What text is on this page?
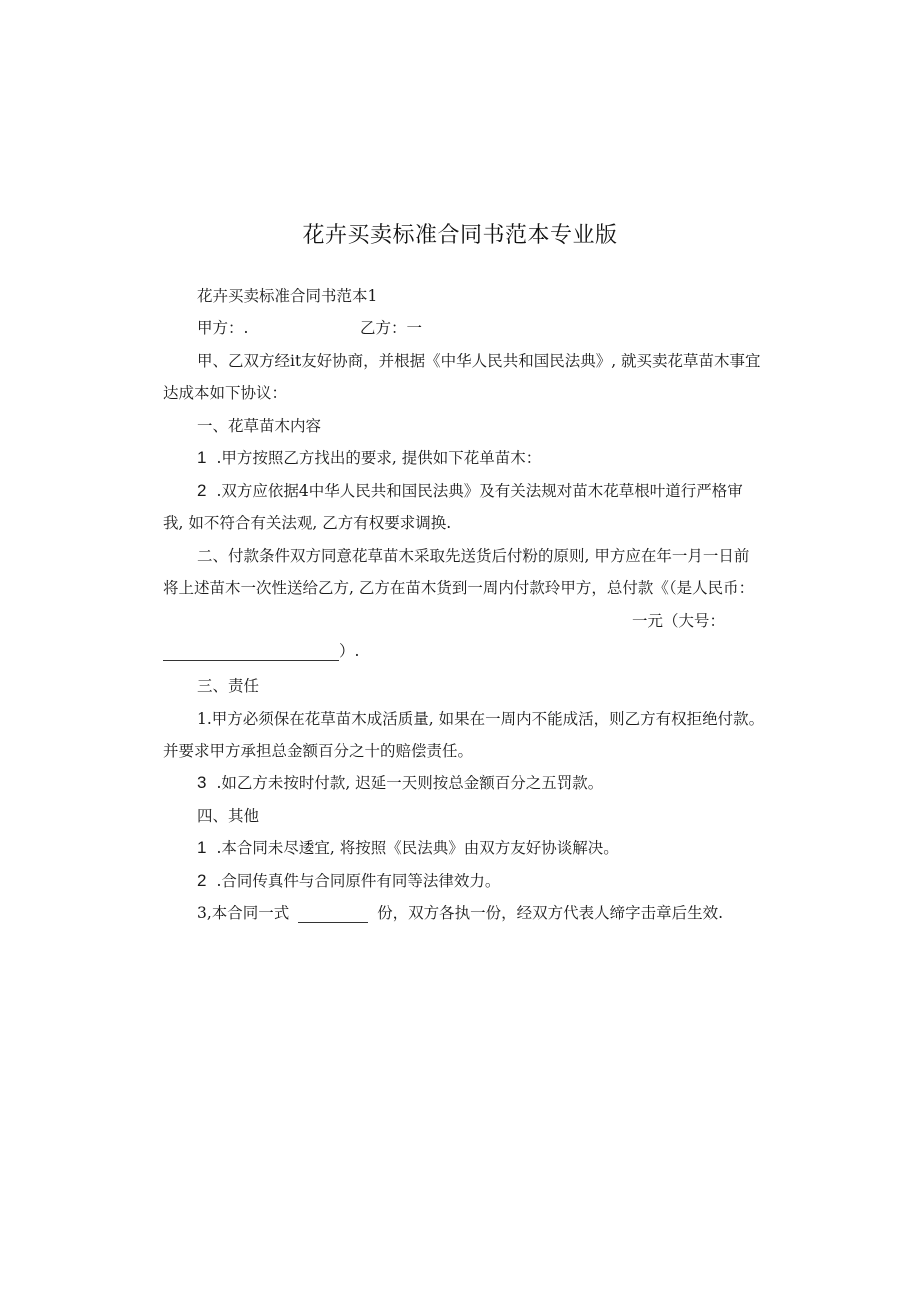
花卉买卖标准合同书范本专业版
花卉买卖标准合同书范本1
甲方：.	乙方：一
甲、乙双方经it友好协商，并根据《中华人民共和国民法典》, 就买卖花草苗木事宜
达成本如下协议：
一、花草苗木内容
1 .甲方按照乙方找出的要求, 提供如下花单苗木：
2 .双方应依据4中华人民共和国民法典》及有关法规对苗木花草根叶道行严格审
我, 如不符合有关法观, 乙方有权要求调换.
二、付款条件双方同意花草苗木采取先送货后付粉的原则, 甲方应在年一月一日前
将上述苗木一次性送给乙方, 乙方在苗木货到一周内付款玲甲方，总付款《（是人民币：
一元（大号：
）.
三、责任
1.甲方必须保在花草苗木成活质量, 如果在一周内不能成活，则乙方有权拒绝付款。
并要求甲方承担总金额百分之十的赔偿责任。
3 .如乙方未按时付款, 迟延一天则按总金额百分之五罚款。
四、其他
1 .本合同未尽逶宜, 将按照《民法典》由双方友好协谈解决。
2 .合同传真件与合同原件有同等法律效力。
3,本合同一式	份，双方各执一份，经双方代表人缔字击章后生效.
